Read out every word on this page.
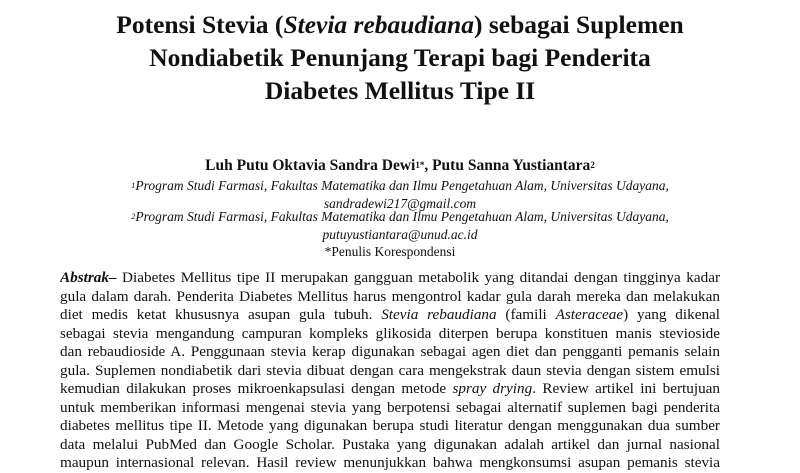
Potensi Stevia (Stevia rebaudiana) sebagai Suplemen
Nondiabetik Penunjang Terapi bagi Penderita
Diabetes Mellitus Tipe II
Luh Putu Oktavia Sandra Dewi$^{1*}$, Putu Sanna Yustiantara$^2$
$^1$Program Studi Farmasi, Fakultas Matematika dan Ilmu Pengetahuan Alam, Universitas Udayana,
sandradewi217@gmail.com
$^2$Program Studi Farmasi, Fakultas Matematika dan Ilmu Pengetahuan Alam, Universitas Udayana,
putuyustiantara@unud.ac.id
*Penulis Korespondensi
Abstrak– Diabetes Mellitus tipe II merupakan gangguan metabolik yang ditandai dengan tingginya kadar
gula dalam darah. Penderita Diabetes Mellitus harus mengontrol kadar gula darah mereka dan melakukan
diet medis ketat khususnya asupan gula tubuh. Stevia rebaudiana (famili Asteraceae) yang dikenal
sebagai stevia mengandung campuran kompleks glikosida diterpen berupa konstituen manis stevioside
dan rebaudioside A. Penggunaan stevia kerap digunakan sebagai agen diet dan pengganti pemanis selain
gula. Suplemen nondiabetik dari stevia dibuat dengan cara mengekstrak daun stevia dengan sistem emulsi
kemudian dilakukan proses mikroenkapsulasi dengan metode spray drying. Review artikel ini bertujuan
untuk memberikan informasi mengenai stevia yang berpotensi sebagai alternatif suplemen bagi penderita
diabetes mellitus tipe II. Metode yang digunakan berupa studi literatur dengan menggunakan dua sumber
data melalui PubMed dan Google Scholar. Pustaka yang digunakan adalah artikel dan jurnal nasional
maupun internasional relevan. Hasil review menunjukkan bahwa mengkonsumsi asupan pemanis stevia
